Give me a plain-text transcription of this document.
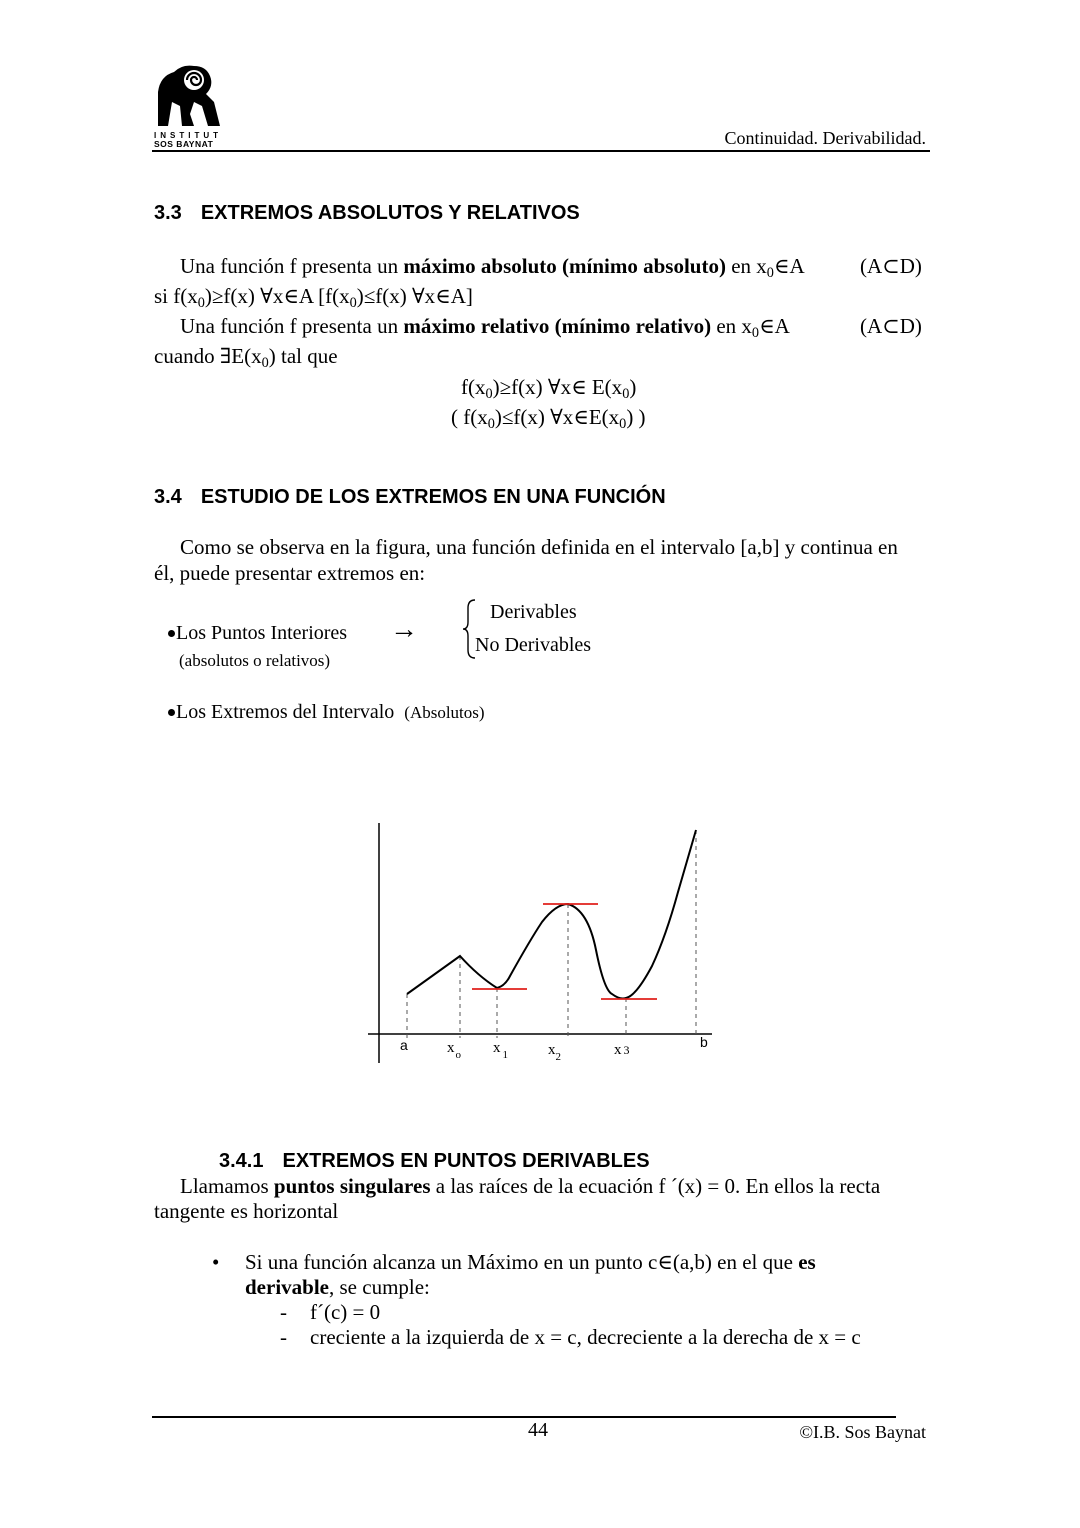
INSTITUT
SOS BAYNAT	Continuidad. Derivabilidad.
3.3 EXTREMOS ABSOLUTOS Y RELATIVOS
Una función f presenta un máximo absoluto (mínimo absoluto) en $x_0\in A$	(A⊂D)
si $f(x_0)\ge f(x)$ ∀x∈A [$f(x_0)\le f(x)$ ∀x∈A]
Una función f presenta un máximo relativo (mínimo relativo) en $x_0\in A$	(A⊂D)
cuando $\exists E(x_0)$ tal que
$f(x_0)\ge f(x)$ ∀x∈ $E(x_0)$
( $f(x_0)\le f(x)$ $\forall x\in E(x_0)$ )
3.4 ESTUDIO DE LOS EXTREMOS EN UNA FUNCIÓN
Como se observa en la figura, una función definida en el intervalo [a,b] y continua en
él, puede presentar extremos en:
Los Puntos Interiores
(absolutos o relativos)
→
Derivables
No Derivables
Los Extremos del Intervalo (Absolutos)
a	$x_o$ x $_1$	$x_2$	x 3	b
3.4.1 EXTREMOS EN PUNTOS DERIVABLES
Llamamos puntos singulares a las raíces de la ecuación f ´(x) = 0. En ellos la recta
tangente es horizontal
• Si una función alcanza un Máximo en un punto c∈(a,b) en el que es
derivable, se cumple:
- f´(c) = 0
- creciente a la izquierda de x = c, decreciente a la derecha de x = c
44	©I.B. Sos Baynat
